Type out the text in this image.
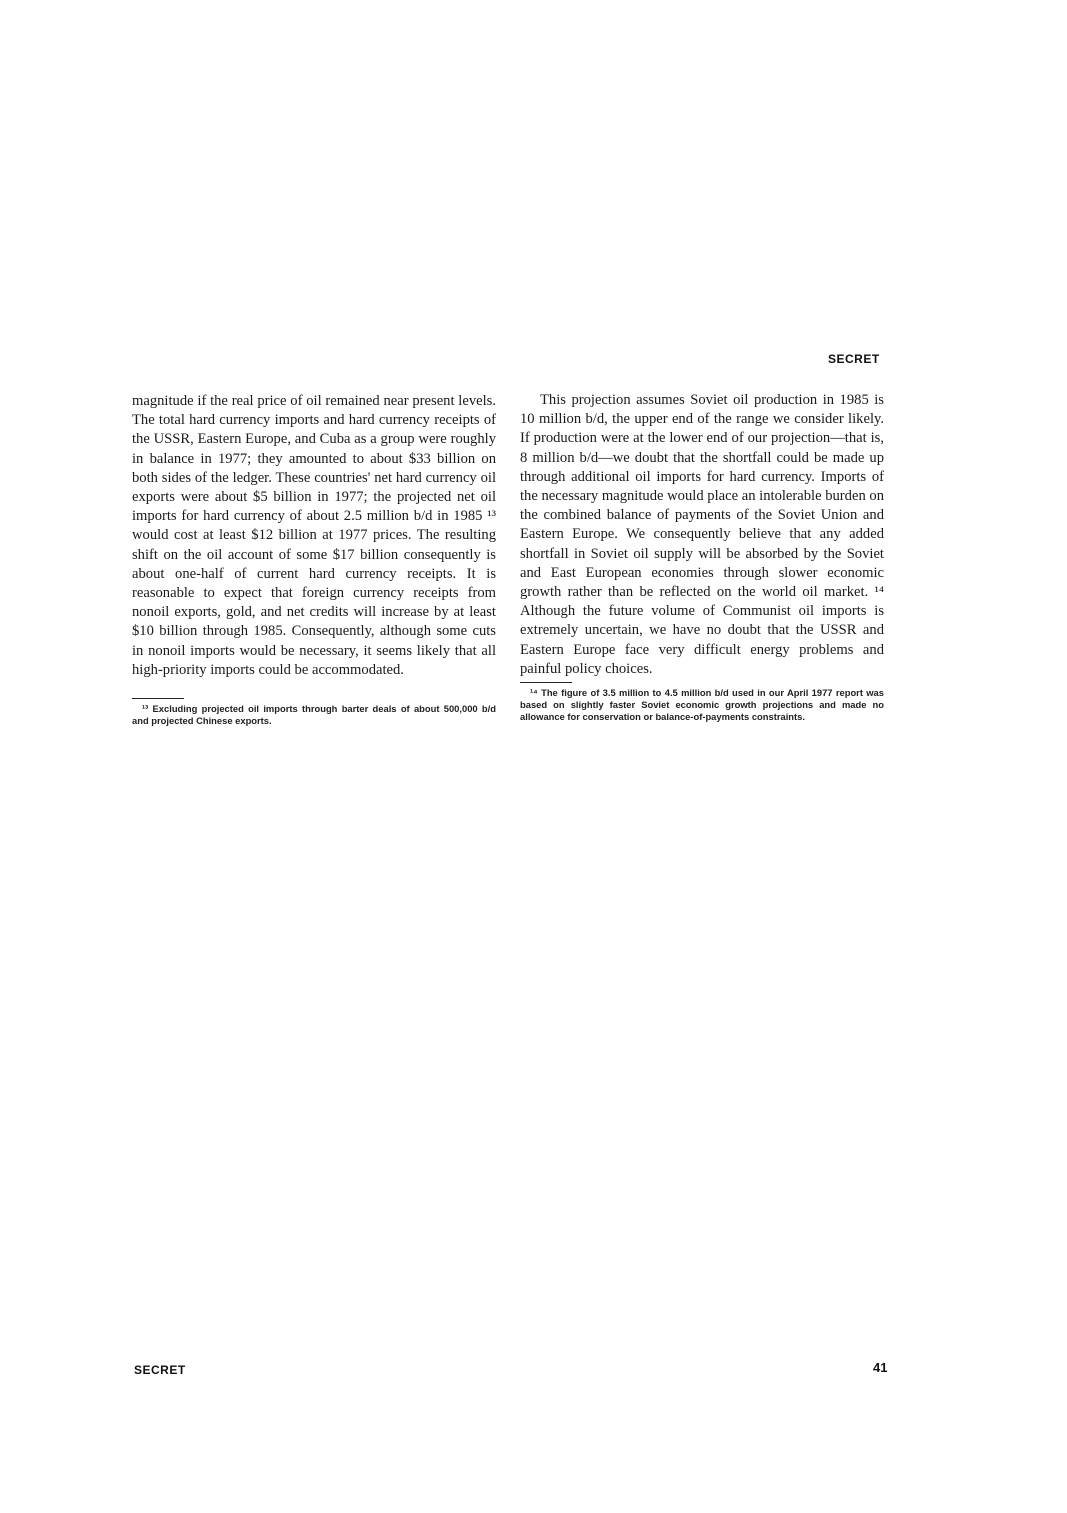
SECRET

magnitude if the real price of oil remained near present levels. The total hard currency imports and hard currency receipts of the USSR, Eastern Europe, and Cuba as a group were roughly in balance in 1977; they amounted to about $33 billion on both sides of the ledger. These countries' net hard currency oil exports were about $5 billion in 1977; the projected net oil imports for hard currency of about 2.5 million b/d in 1985 ¹³ would cost at least $12 billion at 1977 prices. The resulting shift on the oil account of some $17 billion consequently is about one-half of current hard currency receipts. It is reasonable to expect that foreign currency receipts from nonoil exports, gold, and net credits will increase by at least $10 billion through 1985. Consequently, although some cuts in nonoil imports would be necessary, it seems likely that all high-priority imports could be accommodated.

¹³ Excluding projected oil imports through barter deals of about 500,000 b/d and projected Chinese exports.

This projection assumes Soviet oil production in 1985 is 10 million b/d, the upper end of the range we consider likely. If production were at the lower end of our projection—that is, 8 million b/d—we doubt that the shortfall could be made up through additional oil imports for hard currency. Imports of the necessary magnitude would place an intolerable burden on the combined balance of payments of the Soviet Union and Eastern Europe. We consequently believe that any added shortfall in Soviet oil supply will be absorbed by the Soviet and East European economies through slower economic growth rather than be reflected on the world oil market. ¹⁴ Although the future volume of Communist oil imports is extremely uncertain, we have no doubt that the USSR and Eastern Europe face very difficult energy problems and painful policy choices.

¹⁴ The figure of 3.5 million to 4.5 million b/d used in our April 1977 report was based on slightly faster Soviet economic growth projections and made no allowance for conservation or balance-of-payments constraints.

SECRET	41
